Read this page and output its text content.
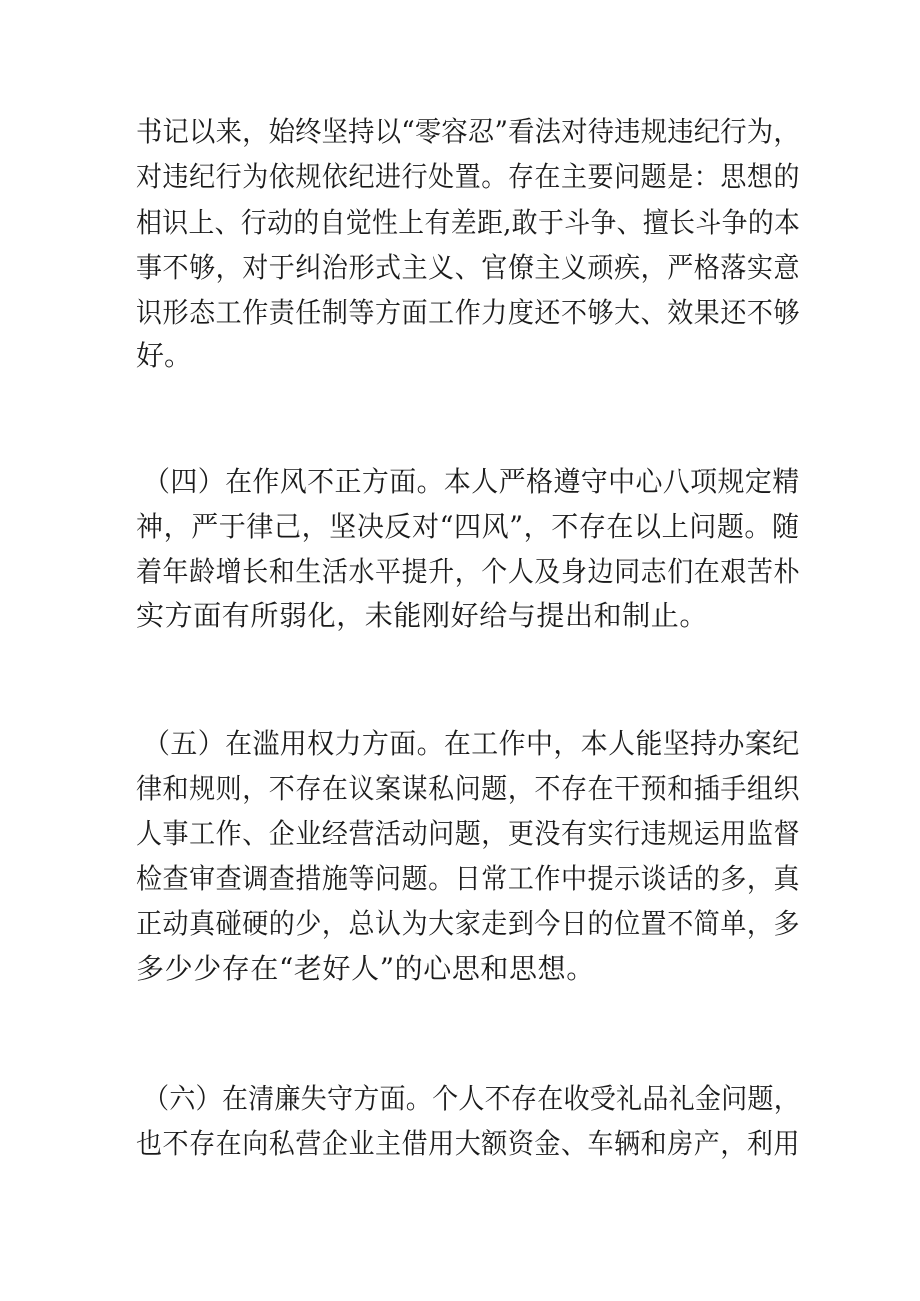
书记以来，始终坚持以“零容忍”看法对待违规违纪行为，

对违纪行为依规依纪进行处置。存在主要问题是：思想的

相识上、行动的自觉性上有差距,敢于斗争、擅长斗争的本

事不够，对于纠治形式主义、官僚主义顽疾，严格落实意

识形态工作责任制等方面工作力度还不够大、效果还不够

好。

（四）在作风不正方面。本人严格遵守中心八项规定精

神，严于律己，坚决反对“四风”，不存在以上问题。随

着年龄增长和生活水平提升，个人及身边同志们在艰苦朴

实方面有所弱化，未能刚好给与提出和制止。

（五）在滥用权力方面。在工作中，本人能坚持办案纪

律和规则，不存在议案谋私问题，不存在干预和插手组织

人事工作、企业经营活动问题，更没有实行违规运用监督

检查审查调查措施等问题。日常工作中提示谈话的多，真

正动真碰硬的少，总认为大家走到今日的位置不简单，多

多少少存在“老好人”的心思和思想。

（六）在清廉失守方面。个人不存在收受礼品礼金问题，

也不存在向私营企业主借用大额资金、车辆和房产，利用
